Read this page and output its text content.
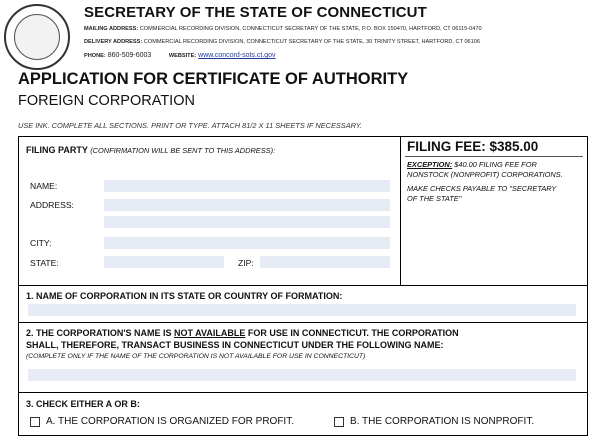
SECRETARY OF THE STATE OF CONNECTICUT
MAILING ADDRESS: COMMERCIAL RECORDING DIVISION, CONNECTICUT SECRETARY OF THE STATE, P.O. BOX 150470, HARTFORD, CT 06115-0470
DELIVERY ADDRESS: COMMERCIAL RECORDING DIVISION, CONNECTICUT SECRETARY OF THE STATE, 30 TRINITY STREET, HARTFORD, CT 06106
PHONE: 860-509-6003	WEBSITE: www.concord-sots.ct.gov
APPLICATION FOR CERTIFICATE OF AUTHORITY
FOREIGN CORPORATION
USE INK. COMPLETE ALL SECTIONS. PRINT OR TYPE. ATTACH 81/2 X 11 SHEETS IF NECESSARY.
FILING PARTY (CONFIRMATION WILL BE SENT TO THIS ADDRESS):
NAME:
ADDRESS:
CITY:
STATE:	ZIP:
FILING FEE: $385.00
EXCEPTION: $40.00 FILING FEE FOR
NONSTOCK (NONPROFIT) CORPORATIONS.
MAKE CHECKS PAYABLE TO "SECRETARY
OF THE STATE"
1. NAME OF CORPORATION IN ITS STATE OR COUNTRY OF FORMATION:
2. THE CORPORATION'S NAME IS NOT AVAILABLE FOR USE IN CONNECTICUT. THE CORPORATION
SHALL, THEREFORE, TRANSACT BUSINESS IN CONNECTICUT UNDER THE FOLLOWING NAME:
(COMPLETE ONLY IF THE NAME OF THE CORPORATION IS NOT AVAILABLE FOR USE IN CONNECTICUT)
3. CHECK EITHER A OR B:
A. THE CORPORATION IS ORGANIZED FOR PROFIT.	B. THE CORPORATION IS NONPROFIT.
